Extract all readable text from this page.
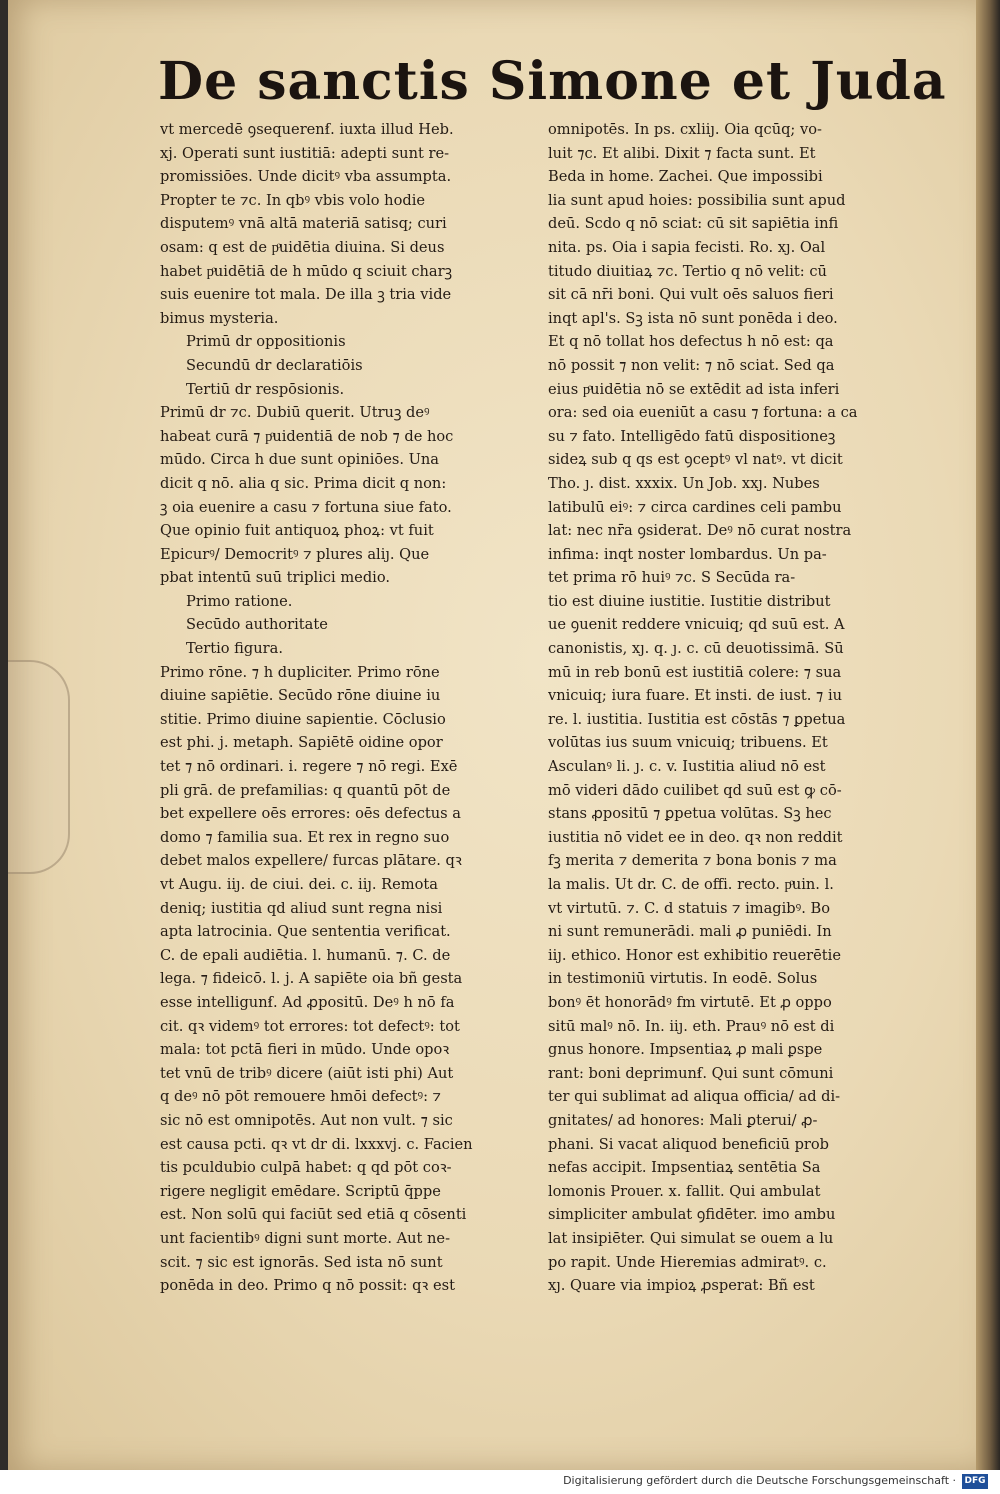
De sanctis Simone et Juda
vt mercedē ꝯsequerenẜ. iuxta illud Heb.
xj. Operati sunt iustitiā: adepti sunt re-
promissiōes. Unde dicitꝰ vba assumpta.
Propter te ⁊c. In qbꝰ vbis volo hodie
disputemꝰ vnā altā materiā satisq; curi
osam: q est de pͦuidētia diuina. Si deus
habet pͦuidētiā de h mūdo q sciuit charꝫ
suis euenire tot mala. De illa ꝫ tria vide
bimus mysteria.
Primū dr oppositionis
Secundū dr declaratiōis
Tertiū dr respōsionis.
Primū dr ⁊c. Dubiū querit. Utruꝫ deꝰ
habeat curā ⁊ pͦuidentiā de nob ⁊ de hoc
mūdo. Circa h due sunt opiniōes. Una
dicit q nō. alia q sic. Prima dicit q non:
ꝫ oia euenire a casu ⁊ fortuna siue fato.
Que opinio fuit antiquoꝝ phoꝝ: vt fuit
Epicurꝰ/ Democritꝰ ⁊ plures aliȷ. Que
pbat intentū suū triplici medio.
Primo ratione.
Secūdo authoritate
Tertio figura.
Primo rōne. ⁊ h dupliciter. Primo rōne
diuine sapiētie. Secūdo rōne diuine iu
stitie. Primo diuine sapientie. Cōclusio
est phi. j. metaph. Sapiētē oidine opor
tet ⁊ nō ordinari. i. regere ⁊ nō regi. Exē
pli grā. de prefamilias: q quantū pōt de
bet expellere oēs errores: oēs defectus a
domo ⁊ familia sua. Et rex in regno suo
debet malos expellere/ furcas plātare. qꝛ
vt Augu. iiȷ. de ciui. dei. c. iiȷ. Remota
deniq; iustitia qd aliud sunt regna nisi
apta latrocinia. Que sententia verificat.
C. de epali audiētia. l. humanū. ⁊. C. de
lega. ⁊ fideicō. l. j. A sapiēte oia bñ gesta
esse intelligunẜ. Ad ꝓpositū. Deꝰ h nō fa
cit. qꝛ videmꝰ tot errores: tot defectꝰ: tot
mala: tot pctā fieri in mūdo. Unde opoꝛ
tet vnū de tribꝰ dicere (aiūt isti phi) Aut
q deꝰ nō pōt remouere hmōi defectꝰ: ⁊
sic nō est omnipotēs. Aut non vult. ⁊ sic
est causa pcti. qꝛ vt dr di. lxxxvj. c. Facien
tis pculdubio culpā habet: q qd pōt coꝛ-
rigere negligit emēdare. Scriptū q̄ppe
est. Non solū qui faciūt sed etiā q cōsenti
unt facientibꝰ digni sunt morte. Aut ne-
scit. ⁊ sic est ignorās. Sed ista nō sunt
ponēda in deo. Primo q nō possit: qꝛ est
omnipotēs. In ps. cxliiȷ. Oia qcūq; vo-
luit ⁊c. Et alibi. Dixit ⁊ facta sunt. Et
Beda in home. Zachei. Que impossibi
lia sunt apud hoies: possibilia sunt apud
deū. Scdo q nō sciat: cū sit sapiētia infi
nita. ps. Oia i sapia fecisti. Ro. xȷ. Oal
titudo diuitiaꝝ ⁊c. Tertio q nō velit: cū
sit cā nr̄i boni. Qui vult oēs saluos fieri
inqt apl's. Sꝫ ista nō sunt ponēda i deo.
Et q nō tollat hos defectus h nō est: qa
nō possit ⁊ non velit: ⁊ nō sciat. Sed qa
eius pͦuidētia nō se extēdit ad ista inferi
ora: sed oia eueniūt a casu ⁊ fortuna: a ca
su ⁊ fato. Intelligēdo fatū dispositioneꝫ
sideꝝ sub q qs est ꝯceptꝰ vl natꝰ. vt dicit
Tho. ȷ. dist. xxxix. Un Job. xxȷ. Nubes
latibulū eiꝰ: ⁊ circa cardines celi pambu
lat: nec nr̄a ꝯsiderat. Deꝰ nō curat nostra
infima: inqt noster lombardus. Un pa-
tet prima rō huiꝰ ⁊c. S Secūda ra-
tio est diuine iustitie. Iustitie distribut
ue ꝯuenit reddere vnicuiq; qd suū est. A
canonistis, xȷ. q. ȷ. c. cū deuotissimā. Sū
mū in reb bonū est iustitiā colere: ⁊ sua
vnicuiq; iura fuare. Et insti. de iust. ⁊ iu
re. l. iustitia. Iustitia est cōstās ⁊ ꝑpetua
volūtas ius suum vnicuiq; tribuens. Et
Asculanꝰ li. ȷ. c. v. Iustitia aliud nō est
mō videri dādo cuilibet qd suū est ꝙ cō-
stans ꝓpositū ⁊ ꝑpetua volūtas. Sꝫ hec
iustitia nō videt ee in deo. qꝛ non reddit
fꝫ merita ⁊ demerita ⁊ bona bonis ⁊ ma
la malis. Ut dr. C. de offi. recto. pͦuin. l.
vt virtutū. ⁊. C. d statuis ⁊ imagibꝰ. Bo
ni sunt remunerādi. mali ꝓ puniēdi. In
iiȷ. ethico. Honor est exhibitio reuerētie
in testimoniū virtutis. In eodē. Solus
bonꝰ ēt honorādꝰ fm virtutē. Et ꝓ oppo
sitū malꝰ nō. In. iiȷ. eth. Prauꝰ nō est di
gnus honore. Impsentiaꝝ ꝓ mali ꝑspe
rant: boni deprimunẜ. Qui sunt cōmuni
ter qui sublimat ad aliqua officia/ ad di-
gnitates/ ad honores: Mali ꝑterui/ ꝓ-
phani. Si vacat aliquod beneficiū prob
nefas accipit. Impsentiaꝝ sentētia Sa
lomonis Prouer. x. fallit. Qui ambulat
simpliciter ambulat ꝯfidēter. imo ambu
lat insipiēter. Qui simulat se ouem a lu
po rapit. Unde Hieremias admiratꝰ. c.
xȷ. Quare via impioꝝ ꝓsperat: Bñ est
Digitalisierung gefördert durch die Deutsche Forschungsgemeinschaft · DFG
